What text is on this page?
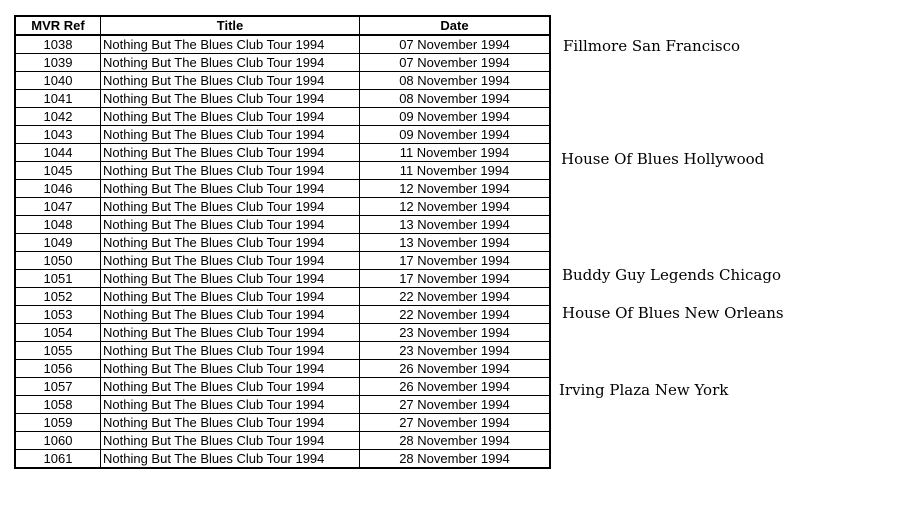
MVR Ref	Title	Date
1038	Nothing But The Blues Club Tour 1994	07 November 1994
1039	Nothing But The Blues Club Tour 1994	07 November 1994
1040	Nothing But The Blues Club Tour 1994	08 November 1994
1041	Nothing But The Blues Club Tour 1994	08 November 1994
1042	Nothing But The Blues Club Tour 1994	09 November 1994
1043	Nothing But The Blues Club Tour 1994	09 November 1994
1044	Nothing But The Blues Club Tour 1994	11 November 1994
1045	Nothing But The Blues Club Tour 1994	11 November 1994
1046	Nothing But The Blues Club Tour 1994	12 November 1994
1047	Nothing But The Blues Club Tour 1994	12 November 1994
1048	Nothing But The Blues Club Tour 1994	13 November 1994
1049	Nothing But The Blues Club Tour 1994	13 November 1994
1050	Nothing But The Blues Club Tour 1994	17 November 1994
1051	Nothing But The Blues Club Tour 1994	17 November 1994
1052	Nothing But The Blues Club Tour 1994	22 November 1994
1053	Nothing But The Blues Club Tour 1994	22 November 1994
1054	Nothing But The Blues Club Tour 1994	23 November 1994
1055	Nothing But The Blues Club Tour 1994	23 November 1994
1056	Nothing But The Blues Club Tour 1994	26 November 1994
1057	Nothing But The Blues Club Tour 1994	26 November 1994
1058	Nothing But The Blues Club Tour 1994	27 November 1994
1059	Nothing But The Blues Club Tour 1994	27 November 1994
1060	Nothing But The Blues Club Tour 1994	28 November 1994
1061	Nothing But The Blues Club Tour 1994	28 November 1994
Fillmore San Francisco
House Of Blues Hollywood
Buddy Guy Legends Chicago
House Of Blues New Orleans
Irving Plaza New York
